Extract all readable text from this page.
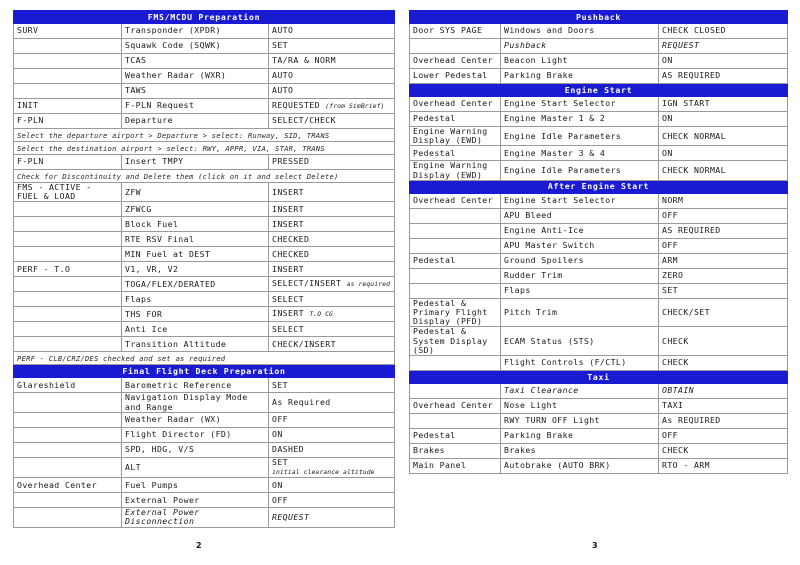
FMS/MCDU Preparation		
SURV	Transponder (XPDR)	AUTO
	Squawk Code (SQWK)	SET
	TCAS	TA/RA & NORM
	Weather Radar (WXR)	AUTO
	TAWS	AUTO
INIT	F-PLN Request	REQUESTED (from SimBrief)
F-PLN	Departure	SELECT/CHECK
Select the departure airport > Departure > select: Runway, SID, TRANS		
Select the destination airport > select: RWY, APPR, VIA, STAR, TRANS		
F-PLN	Insert TMPY	PRESSED
Check for Discontinuity and Delete them (click on it and select Delete)		
FMS - ACTIVE - FUEL & LOAD	ZFW	INSERT
	ZFWCG	INSERT
	Block Fuel	INSERT
	RTE RSV Final	CHECKED
	MIN Fuel at DEST	CHECKED
PERF - T.O	V1, VR, V2	INSERT
	TOGA/FLEX/DERATED	SELECT/INSERT as required
	Flaps	SELECT
	THS FOR	INSERT T.O CG
	Anti Ice	SELECT
	Transition Altitude	CHECK/INSERT
PERF - CLB/CRZ/DES checked and set as required		
Final Flight Deck Preparation		
Glareshield	Barometric Reference	SET
	Navigation Display Mode and Range	As Required
	Weather Radar (WX)	OFF
	Flight Director (FD)	ON
	SPD, HDG, V/S	DASHED
	ALT	SET
initial clearance altitude
Overhead Center	Fuel Pumps	ON
	External Power	OFF
	External Power Disconnection	REQUEST
Pushback		
Door SYS PAGE	Windows and Doors	CHECK CLOSED
	Pushback	REQUEST
Overhead Center	Beacon Light	ON
Lower Pedestal	Parking Brake	AS REQUIRED
Engine Start		
Overhead Center	Engine Start Selector	IGN START
Pedestal	Engine Master 1 & 2	ON
Engine Warning Display (EWD)	Engine Idle Parameters	CHECK NORMAL
Pedestal	Engine Master 3 & 4	ON
Engine Warning Display (EWD)	Engine Idle Parameters	CHECK NORMAL
After Engine Start		
Overhead Center	Engine Start Selector	NORM
	APU Bleed	OFF
	Engine Anti-Ice	AS REQUIRED
	APU Master Switch	OFF
Pedestal	Ground Spoilers	ARM
	Rudder Trim	ZERO
	Flaps	SET
Pedestal & Primary Flight Display (PFD)	Pitch Trim	CHECK/SET
Pedestal & System Display (SD)	ECAM Status (STS)	CHECK
	Flight Controls (F/CTL)	CHECK
Taxi		
	Taxi Clearance	OBTAIN
Overhead Center	Nose Light	TAXI
	RWY TURN OFF Light	As REQUIRED
Pedestal	Parking Brake	OFF
Brakes	Brakes	CHECK
Main Panel	Autobrake (AUTO BRK)	RTO - ARM
2	3
